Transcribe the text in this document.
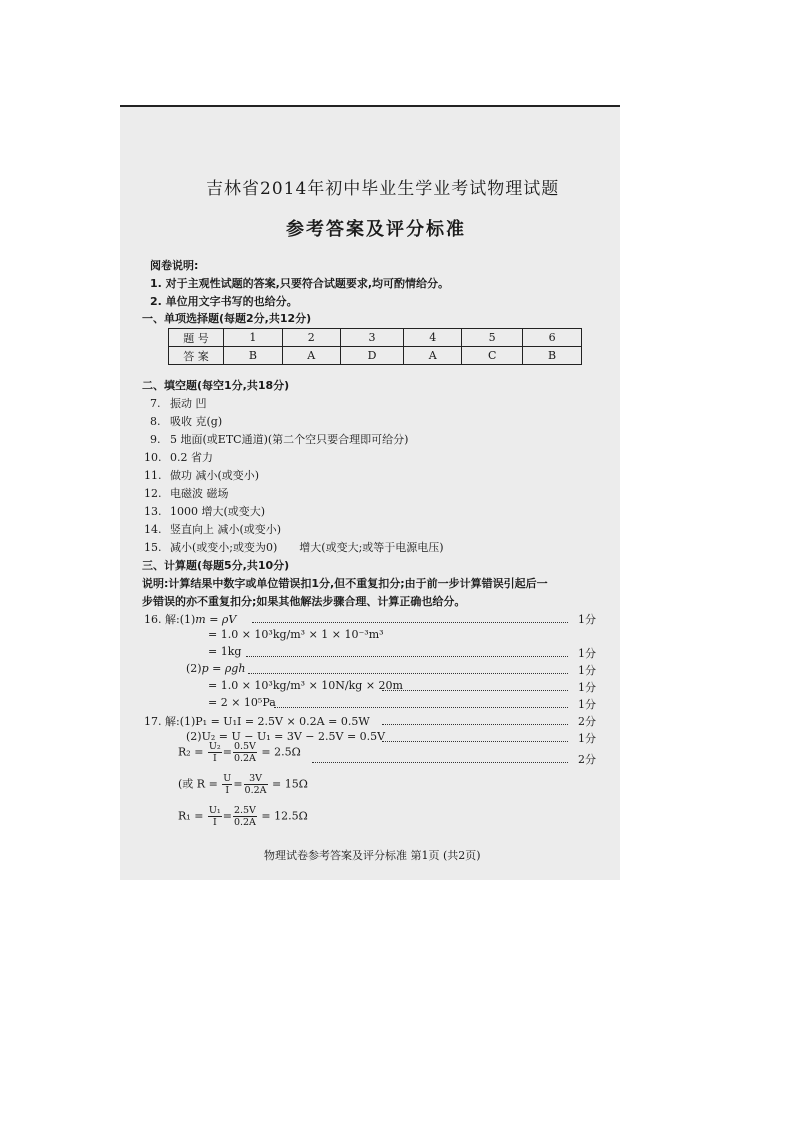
吉林省2014年初中毕业生学业考试物理试题
参考答案及评分标准
阅卷说明:
1. 对于主观性试题的答案,只要符合试题要求,均可酌情给分。
2. 单位用文字书写的也给分。
一、单项选择题(每题2分,共12分)
题 号	1	2	3	4	5	6
答 案	B	A	D	A	C	B
二、填空题(每空1分,共18分)
7. 振动 凹
8. 吸收 克(g)
9. 5 地面(或ETC通道)(第二个空只要合理即可给分)
10. 0.2 省力
11. 做功 减小(或变小)
12. 电磁波 磁场
13. 1000 增大(或变大)
14. 竖直向上 减小(或变小)
15. 减小(或变小;或变为0) 增大(或变大;或等于电源电压)
三、计算题(每题5分,共10分)
说明:计算结果中数字或单位错误扣1分,但不重复扣分;由于前一步计算错误引起后一
步错误的亦不重复扣分;如果其他解法步骤合理、计算正确也给分。
16. 解:(1)m = ρV	1分
= 1.0 × 10³kg/m³ × 1 × 10⁻³m³
= 1kg	1分
(2)p = ρgh	1分
= 1.0 × 10³kg/m³ × 10N/kg × 20m	1分
= 2 × 10⁵Pa	1分
17. 解:(1)P₁ = U₁I = 2.5V × 0.2A = 0.5W	2分
(2)U₂ = U − U₁ = 3V − 2.5V = 0.5V	1分
$R_2 = \frac{\text{U₂}}{I} = \frac{0.5V}{0.2A} = 2.5\Omega$
2分
(或 $R = \frac{U}{I} = \frac{3V}{0.2A} = 15\Omega$
$R_1 = \frac{\text{U₁}}{I} = \frac{2.5V}{0.2A} = 12.5\Omega$
物理试卷参考答案及评分标准 第1页 (共2页)
